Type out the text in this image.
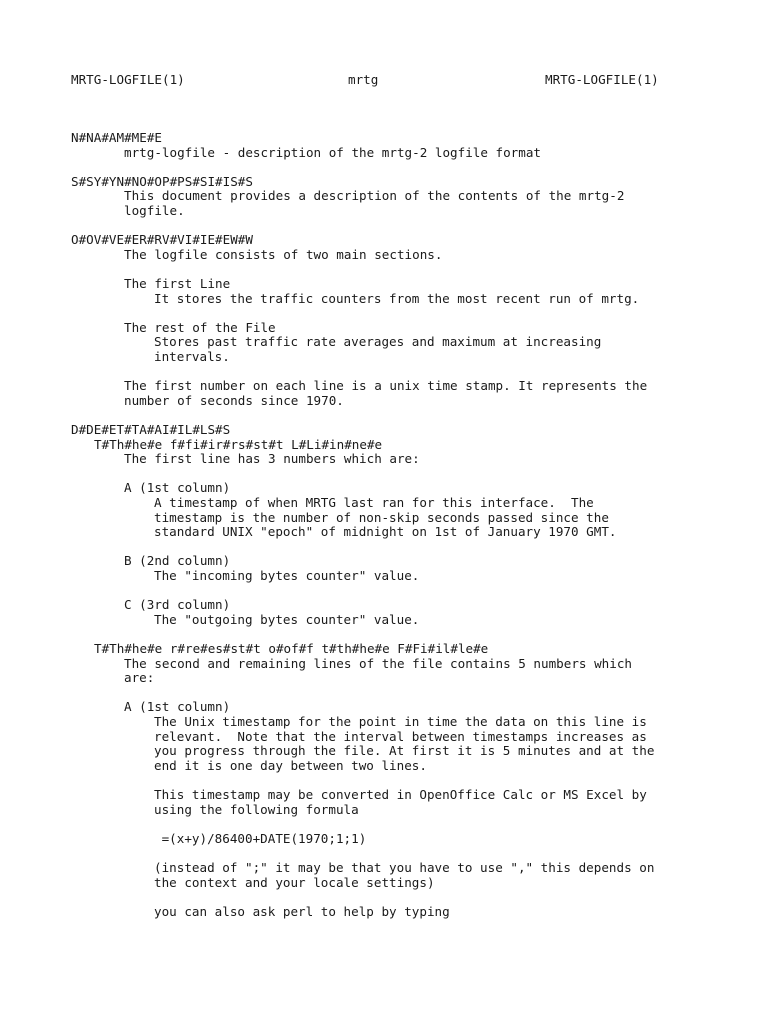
MRTG-LOGFILE(1)	mrtg	MRTG-LOGFILE(1)
N#NA#AM#ME#E
mrtg-logfile - description of the mrtg-2 logfile format
S#SY#YN#NO#OP#PS#SI#IS#S
This document provides a description of the contents of the mrtg-2
logfile.
O#OV#VE#ER#RV#VI#IE#EW#W
The logfile consists of two main sections.
The first Line
It stores the traffic counters from the most recent run of mrtg.
The rest of the File
Stores past traffic rate averages and maximum at increasing
intervals.
The first number on each line is a unix time stamp. It represents the
number of seconds since 1970.
D#DE#ET#TA#AI#IL#LS#S
T#Th#he#e f#fi#ir#rs#st#t L#Li#in#ne#e
The first line has 3 numbers which are:
A (1st column)
A timestamp of when MRTG last ran for this interface.  The
timestamp is the number of non-skip seconds passed since the
standard UNIX "epoch" of midnight on 1st of January 1970 GMT.
B (2nd column)
The "incoming bytes counter" value.
C (3rd column)
The "outgoing bytes counter" value.
T#Th#he#e r#re#es#st#t o#of#f t#th#he#e F#Fi#il#le#e
The second and remaining lines of the file contains 5 numbers which
are:
A (1st column)
The Unix timestamp for the point in time the data on this line is
relevant.  Note that the interval between timestamps increases as
you progress through the file. At first it is 5 minutes and at the
end it is one day between two lines.
This timestamp may be converted in OpenOffice Calc or MS Excel by
using the following formula
=(x+y)/86400+DATE(1970;1;1)
(instead of ";" it may be that you have to use "," this depends on
the context and your locale settings)
you can also ask perl to help by typing
